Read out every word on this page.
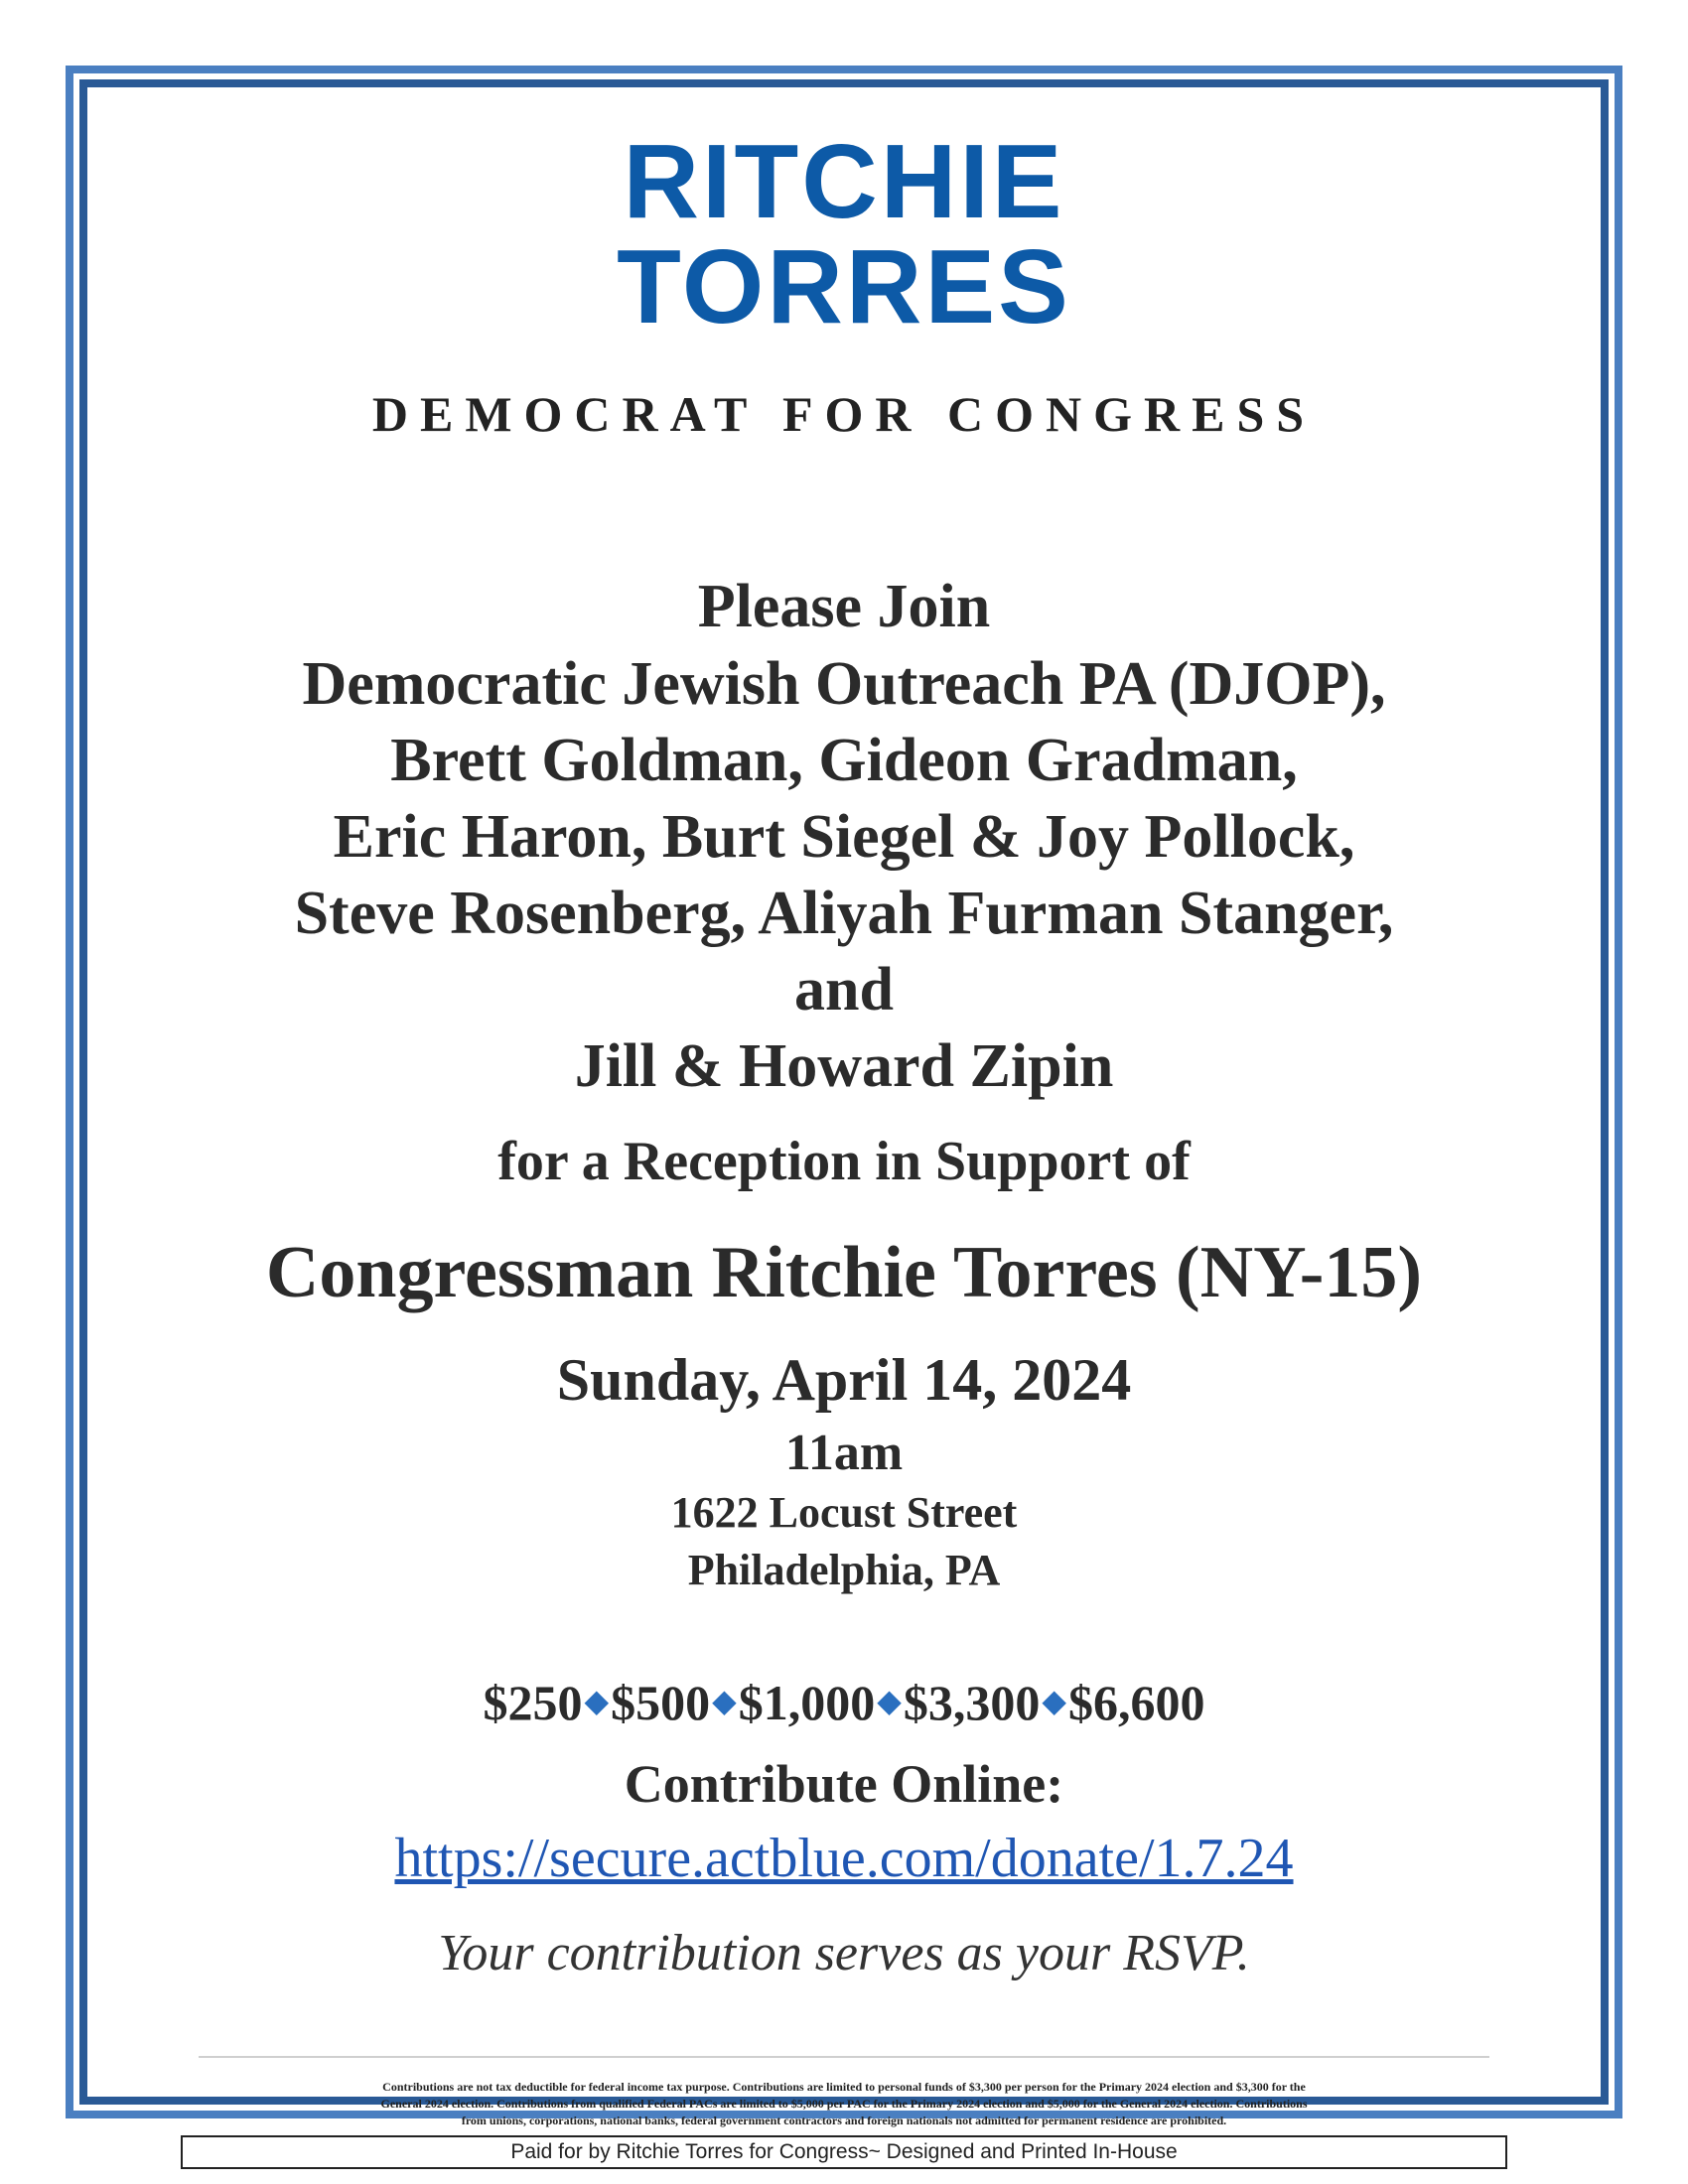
RITCHIE
TORRES
DEMOCRAT FOR CONGRESS
Please Join
Democratic Jewish Outreach PA (DJOP),
Brett Goldman, Gideon Gradman,
Eric Haron, Burt Siegel & Joy Pollock,
Steve Rosenberg, Aliyah Furman Stanger,
and
Jill & Howard Zipin
for a Reception in Support of
Congressman Ritchie Torres (NY-15)
Sunday, April 14, 2024
11am
1622 Locust Street
Philadelphia, PA
$250◆$500◆$1,000◆$3,300◆$6,600
Contribute Online:
https://secure.actblue.com/donate/1.7.24
Your contribution serves as your RSVP.
Contributions are not tax deductible for federal income tax purpose. Contributions are limited to personal funds of $3,300 per person for the Primary 2024 election and $3,300 for the
General 2024 election. Contributions from qualified Federal PACs are limited to $5,000 per PAC for the Primary 2024 election and $5,000 for the General 2024 election. Contributions
from unions, corporations, national banks, federal government contractors and foreign nationals not admitted for permanent residence are prohibited.
Paid for by Ritchie Torres for Congress~ Designed and Printed In-House
